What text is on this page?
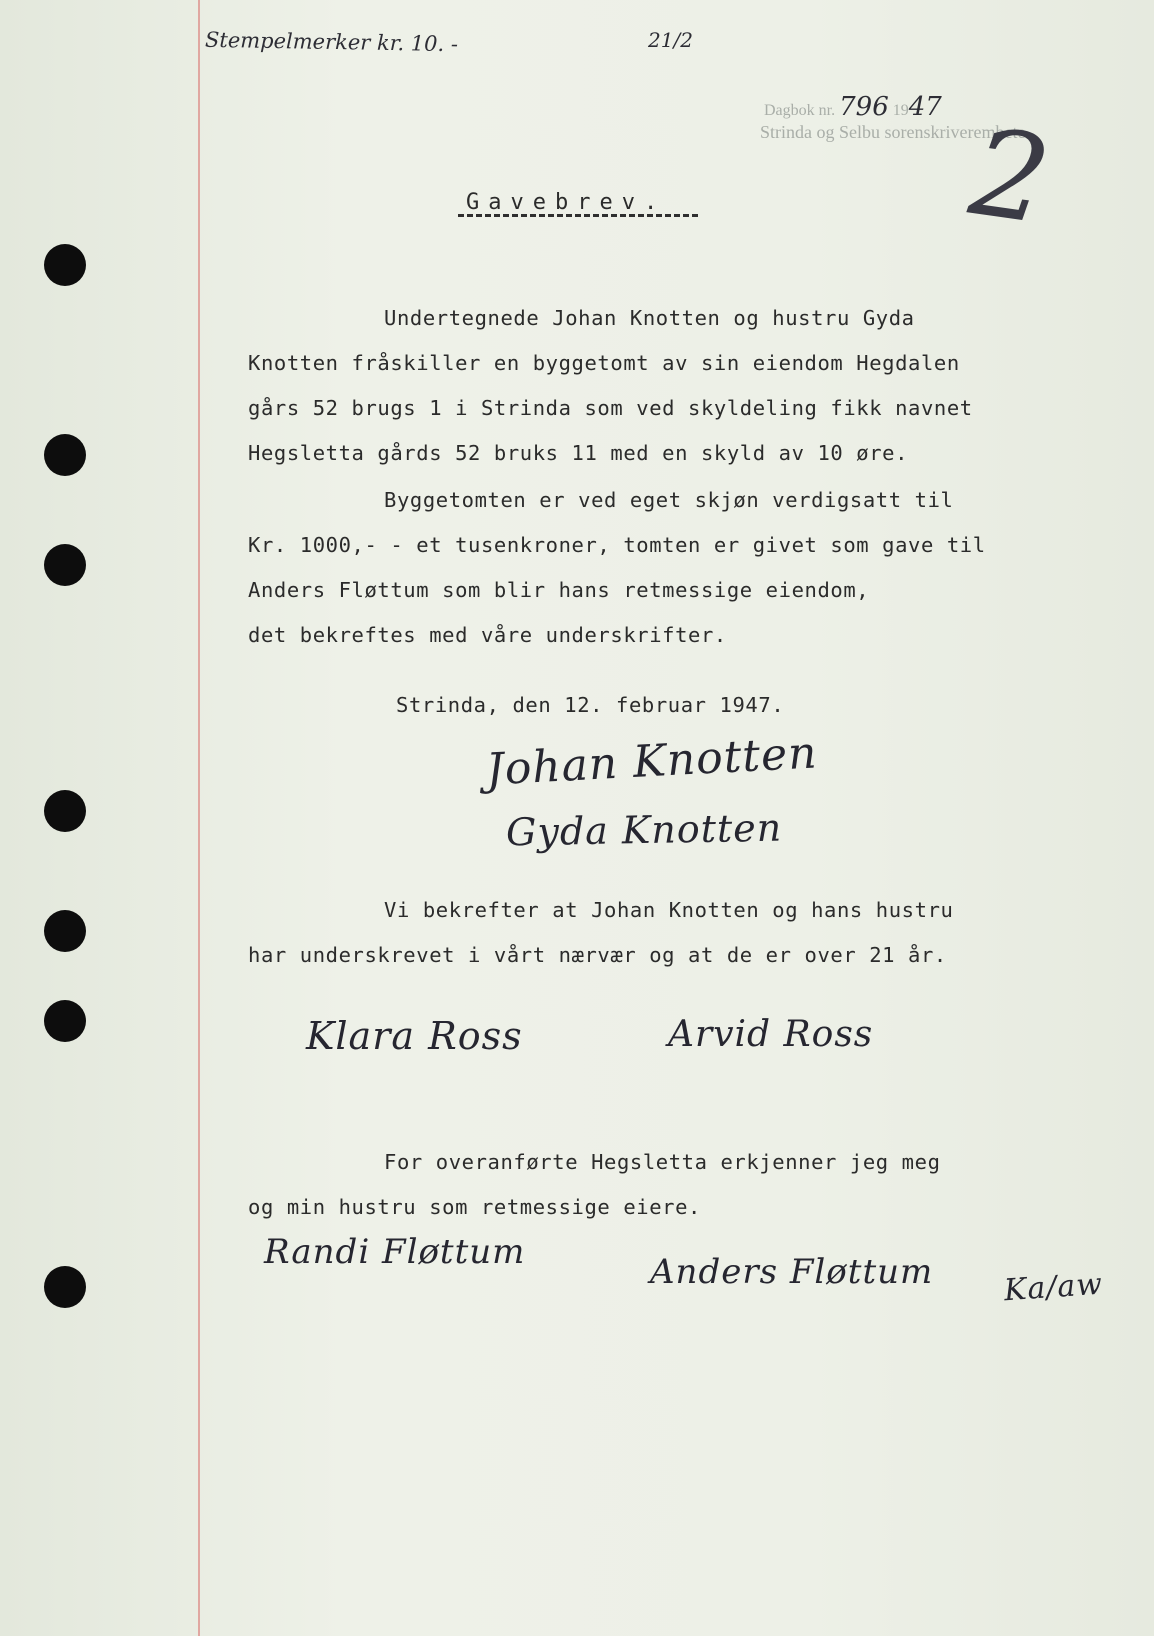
Stempelmerker kr. 10. -	21/2
Dagbok nr. 796 1947
Strinda og Selbu sorenskriverembete
2
Gavebrev.
Undertegnede Johan Knotten og hustru Gyda
Knotten fråskiller en byggetomt av sin eiendom Hegdalen
gårs 52 brugs 1 i Strinda som ved skyldeling fikk navnet
Hegsletta gårds 52 bruks 11 med en skyld av 10 øre.
Byggetomten er ved eget skjøn verdigsatt til
Kr. 1000,- - et tusenkroner, tomten er givet som gave til
Anders Fløttum som blir hans retmessige eiendom,
det bekreftes med våre underskrifter.
Strinda, den 12. februar 1947.
Johan Knotten
Gyda Knotten
Vi bekrefter at Johan Knotten og hans hustru
har underskrevet i vårt nærvær og at de er over 21 år.
Klara Ross	Arvid Ross
For overanførte Hegsletta erkjenner jeg meg
og min hustru som retmessige eiere.
Randi Fløttum	Anders Fløttum Ka/aw
